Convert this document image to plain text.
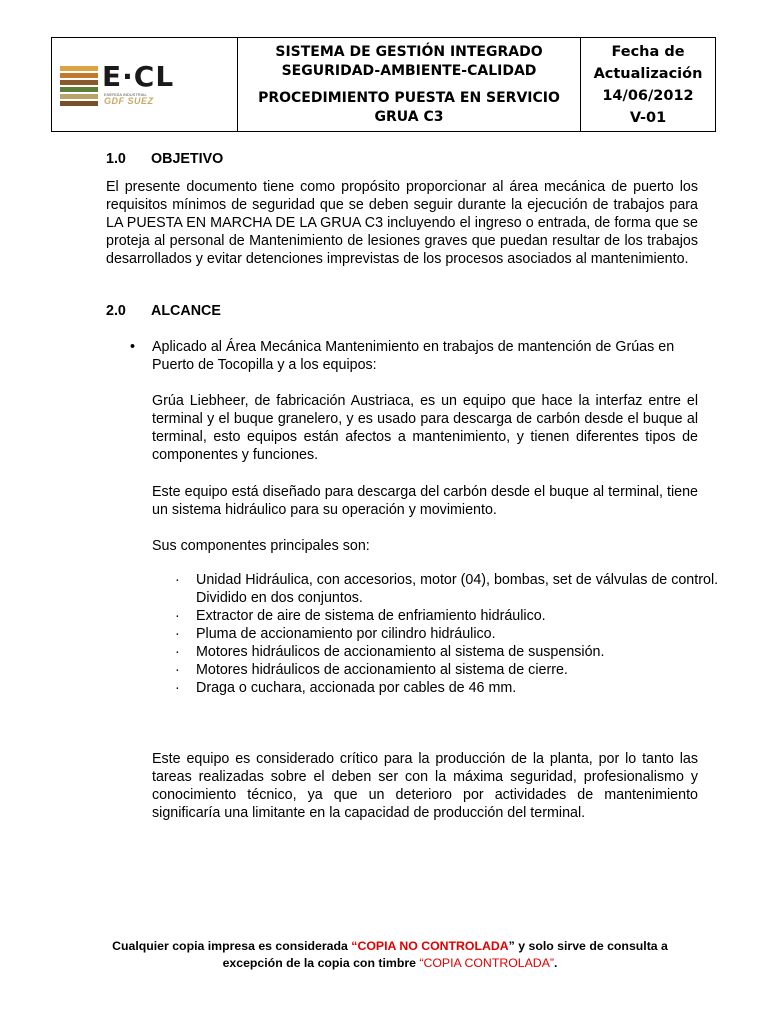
E·CL
ENERGÍA INDUSTRIAL
GDF SUEZ

SISTEMA DE GESTIÓN INTEGRADO
SEGURIDAD-AMBIENTE-CALIDAD

PROCEDIMIENTO PUESTA EN SERVICIO
GRUA C3

	Fecha de
Actualización
14/06/2012
V-01
1.0 OBJETIVO

El presente documento tiene como propósito proporcionar al área mecánica de puerto los requisitos mínimos de seguridad que se deben seguir durante la ejecución de trabajos para LA PUESTA EN MARCHA DE LA GRUA C3 incluyendo el ingreso o entrada, de forma que se proteja al personal de Mantenimiento de lesiones graves que puedan resultar de los trabajos desarrollados y evitar detenciones imprevistas de los procesos asociados al mantenimiento.

2.0 ALCANCE
• Aplicado al Área Mecánica Mantenimiento en trabajos de mantención de Grúas en Puerto de Tocopilla y a los equipos:

Grúa Liebheer, de fabricación Austriaca, es un equipo que hace la interfaz entre el terminal y el buque granelero, y es usado para descarga de carbón desde el buque al terminal, esto equipos están afectos a mantenimiento, y tienen diferentes tipos de componentes y funciones.

Este equipo está diseñado para descarga del carbón desde el buque al terminal, tiene un sistema hidráulico para su operación y movimiento.

Sus componentes principales son:

· Unidad Hidráulica, con accesorios, motor (04), bombas, set de válvulas de control. Dividido en dos conjuntos.
· Extractor de aire de sistema de enfriamiento hidráulico.
· Pluma de accionamiento por cilindro hidráulico.
· Motores hidráulicos de accionamiento al sistema de suspensión.
· Motores hidráulicos de accionamiento al sistema de cierre.
· Draga o cuchara, accionada por cables de 46 mm.

Este equipo es considerado crítico para la producción de la planta, por lo tanto las tareas realizadas sobre el deben ser con la máxima seguridad, profesionalismo y conocimiento técnico, ya que un deterioro por actividades de mantenimiento significaría una limitante en la capacidad de producción del terminal.

Cualquier copia impresa es considerada “COPIA NO CONTROLADA” y solo sirve de consulta a
excepción de la copia con timbre “COPIA CONTROLADA”.
